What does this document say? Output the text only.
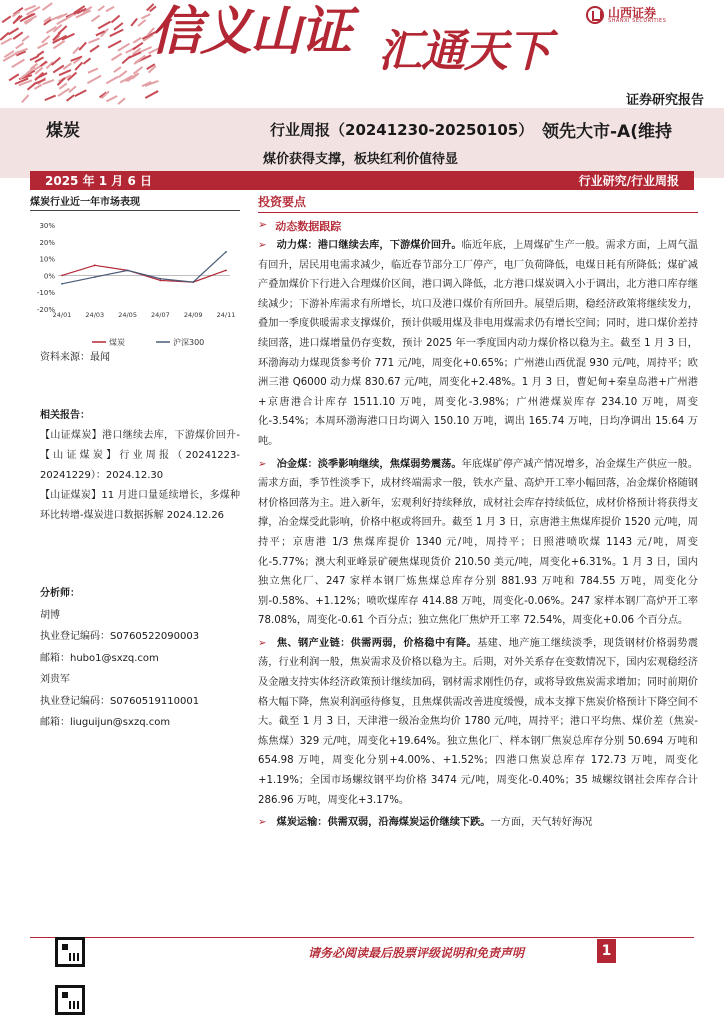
信义山证 汇通天下
山西证券
SHANXI SECURITIES
证券研究报告
煤炭	行业周报（20241230-20250105） 领先大市-A(维持
煤价获得支撑，板块红利价值待显
2025 年 1 月 6 日	行业研究/行业周报
煤炭行业近一年市场表现
30%
20%
10%
0%
-10%
-20%
24/01 24/03 24/05 24/07 24/09 24/11
煤炭	沪深300
资料来源：最闻
相关报告：
【山证煤炭】港口继续去库，下游煤价回升-【山证煤炭】行业周报（20241223-20241229）：2024.12.30
【山证煤炭】11 月进口量延续增长，多煤种环比转增-煤炭进口数据拆解 2024.12.26
分析师：
胡博
执业登记编码：S0760522090003
邮箱：hubo1@sxzq.com
刘贵军
执业登记编码：S0760519110001
邮箱：liuguijun@sxzq.com
投资要点
➢ 动态数据跟踪
➢ 动力煤：港口继续去库，下游煤价回升。临近年底，上周煤矿生产一般。需求方面，上周气温有回升，居民用电需求减少，临近春节部分工厂停产，电厂负荷降低，电煤日耗有所降低；煤矿减产叠加煤价下行进入合理煤价区间，港口调入降低，北方港口煤炭调入小于调出，北方港口库存继续减少；下游补库需求有所增长，坑口及港口煤价有所回升。展望后期，稳经济政策将继续发力，叠加一季度供暖需求支撑煤价，预计供暖用煤及非电用煤需求仍有增长空间；同时，进口煤价差持续回落，进口煤增量仍存变数，预计 2025 年一季度国内动力煤价格以稳为主。截至 1 月 3 日，环渤海动力煤现货参考价 771 元/吨，周变化+0.65%；广州港山西优混 930 元/吨，周持平；欧洲三港 Q6000 动力煤 830.67 元/吨，周变化+2.48%。1 月 3 日，曹妃甸+秦皇岛港+广州港+京唐港合计库存 1511.10 万吨，周变化-3.98%；广州港煤炭库存 234.10 万吨，周变化-3.54%；本周环渤海港口日均调入 150.10 万吨，调出 165.74 万吨，日均净调出 15.64 万吨。
➢ 冶金煤：淡季影响继续，焦煤弱势震荡。年底煤矿停产减产情况增多，冶金煤生产供应一般。需求方面，季节性淡季下，成材终端需求一般，铁水产量、高炉开工率小幅回落，冶金煤价格随钢材价格回落为主。进入新年，宏观利好持续释放，成材社会库存持续低位，成材价格预计将获得支撑，冶金煤受此影响，价格中枢或将回升。截至 1 月 3 日，京唐港主焦煤库提价 1520 元/吨，周持平；京唐港 1/3 焦煤库提价 1340 元/吨，周持平；日照港喷吹煤 1143 元/吨，周变化-5.77%；澳大利亚峰景矿硬焦煤现货价 210.50 美元/吨，周变化+6.31%。1 月 3 日，国内独立焦化厂、247 家样本钢厂炼焦煤总库存分别 881.93 万吨和 784.55 万吨，周变化分别-0.58%、+1.12%；喷吹煤库存 414.88 万吨，周变化-0.06%。247 家样本钢厂高炉开工率 78.08%，周变化-0.61 个百分点；独立焦化厂焦炉开工率 72.54%，周变化+0.06 个百分点。
➢ 焦、钢产业链：供需两弱，价格稳中有降。基建、地产施工继续淡季，现货钢材价格弱势震荡，行业利润一般，焦炭需求及价格以稳为主。后期，对外关系存在变数情况下，国内宏观稳经济及金融支持实体经济政策预计继续加码，钢材需求刚性仍存，或将导致焦炭需求增加；同时前期价格大幅下降，焦炭利润亟待修复，且焦煤供需改善进度缓慢，成本支撑下焦炭价格预计下降空间不大。截至 1 月 3 日，天津港一级冶金焦均价 1780 元/吨，周持平；港口平均焦、煤价差（焦炭-炼焦煤）329 元/吨，周变化+19.64%。独立焦化厂、样本钢厂焦炭总库存分别 50.694 万吨和 654.98 万吨，周变化分别+4.00%、+1.52%；四港口焦炭总库存 172.73 万吨，周变化+1.19%；全国市场螺纹钢平均价格 3474 元/吨，周变化-0.40%；35 城螺纹钢社会库存合计 286.96 万吨，周变化+3.17%。
➢ 煤炭运输：供需双弱，沿海煤炭运价继续下跌。一方面，天气转好海况
请务必阅读最后股票评级说明和免责声明	1
